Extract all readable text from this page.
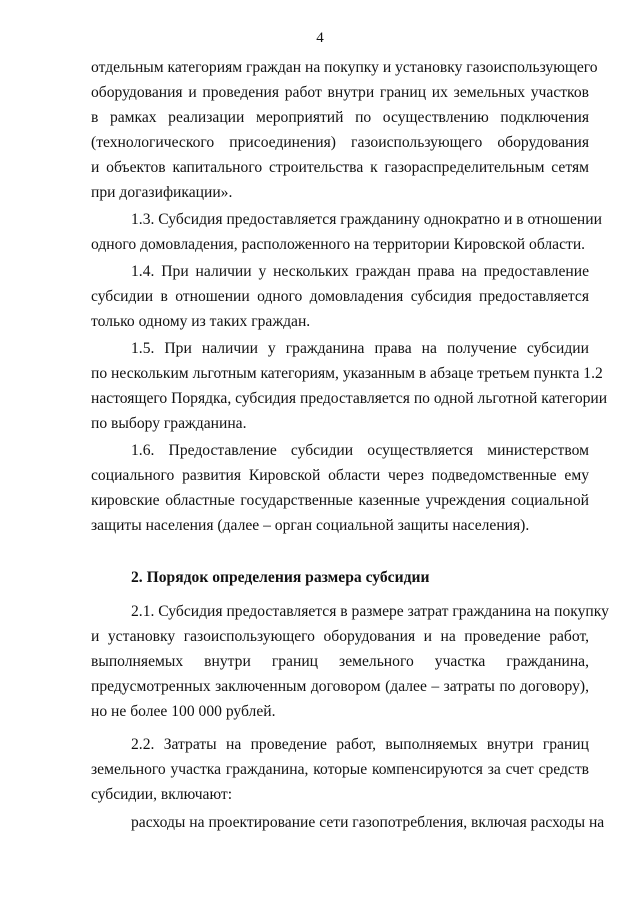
4
отдельным категориям граждан на покупку и установку газоиспользующего
оборудования и проведения работ внутри границ их земельных участков
в рамках реализации мероприятий по осуществлению подключения
(технологического присоединения) газоиспользующего оборудования
и объектов капитального строительства к газораспределительным сетям
при догазификации».
1.3. Субсидия предоставляется гражданину однократно и в отношении
одного домовладения, расположенного на территории Кировской области.
1.4. При наличии у нескольких граждан права на предоставление
субсидии в отношении одного домовладения субсидия предоставляется
только одному из таких граждан.
1.5. При наличии у гражданина права на получение субсидии
по нескольким льготным категориям, указанным в абзаце третьем пункта 1.2
настоящего Порядка, субсидия предоставляется по одной льготной категории
по выбору гражданина.
1.6. Предоставление субсидии осуществляется министерством
социального развития Кировской области через подведомственные ему
кировские областные государственные казенные учреждения социальной
защиты населения (далее – орган социальной защиты населения).
2. Порядок определения размера субсидии
2.1. Субсидия предоставляется в размере затрат гражданина на покупку
и установку газоиспользующего оборудования и на проведение работ,
выполняемых внутри границ земельного участка гражданина,
предусмотренных заключенным договором (далее – затраты по договору),
но не более 100 000 рублей.
2.2. Затраты на проведение работ, выполняемых внутри границ
земельного участка гражданина, которые компенсируются за счет средств
субсидии, включают:
расходы на проектирование сети газопотребления, включая расходы на
